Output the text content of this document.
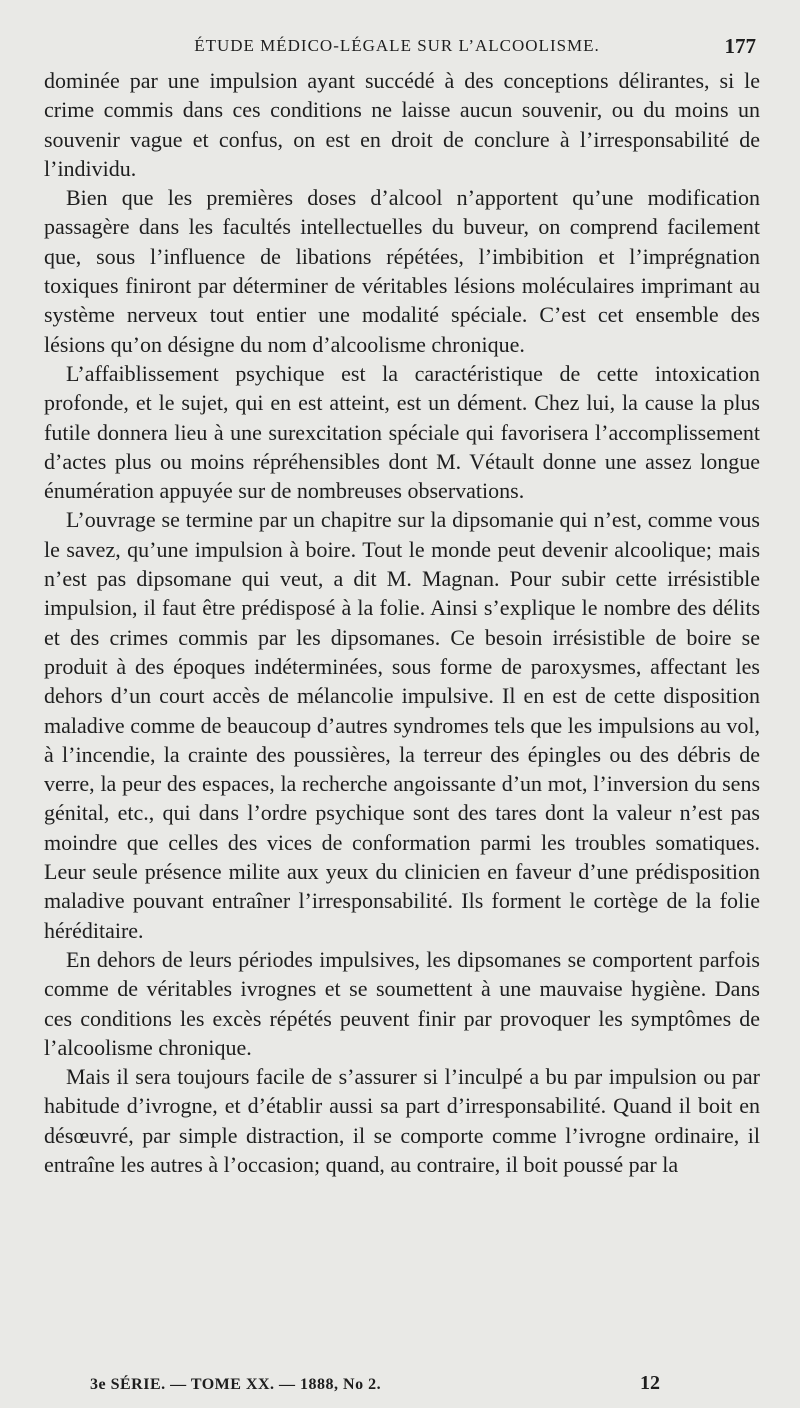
ÉTUDE MÉDICO-LÉGALE SUR L’ALCOOLISME.	177

dominée par une impulsion ayant succédé à des conceptions délirantes, si le crime commis dans ces conditions ne laisse aucun souvenir, ou du moins un souvenir vague et confus, on est en droit de conclure à l’irresponsabilité de l’individu.

Bien que les premières doses d’alcool n’apportent qu’une modification passagère dans les facultés intellectuelles du buveur, on comprend facilement que, sous l’influence de libations répétées, l’imbibition et l’imprégnation toxiques finiront par déterminer de véritables lésions moléculaires imprimant au système nerveux tout entier une modalité spéciale. C’est cet ensemble des lésions qu’on désigne du nom d’alcoolisme chronique.

L’affaiblissement psychique est la caractéristique de cette intoxication profonde, et le sujet, qui en est atteint, est un dément. Chez lui, la cause la plus futile donnera lieu à une surexcitation spéciale qui favorisera l’accomplissement d’actes plus ou moins répréhensibles dont M. Vétault donne une assez longue énumération appuyée sur de nombreuses observations.

L’ouvrage se termine par un chapitre sur la dipsomanie qui n’est, comme vous le savez, qu’une impulsion à boire. Tout le monde peut devenir alcoolique; mais n’est pas dipsomane qui veut, a dit M. Magnan. Pour subir cette irrésistible impulsion, il faut être prédisposé à la folie. Ainsi s’explique le nombre des délits et des crimes commis par les dipsomanes. Ce besoin irrésistible de boire se produit à des époques indéterminées, sous forme de paroxysmes, affectant les dehors d’un court accès de mélancolie impulsive. Il en est de cette disposition maladive comme de beaucoup d’autres syndromes tels que les impulsions au vol, à l’incendie, la crainte des poussières, la terreur des épingles ou des débris de verre, la peur des espaces, la recherche angoissante d’un mot, l’inversion du sens génital, etc., qui dans l’ordre psychique sont des tares dont la valeur n’est pas moindre que celles des vices de conformation parmi les troubles somatiques. Leur seule présence milite aux yeux du clinicien en faveur d’une prédisposition maladive pouvant entraîner l’irresponsabilité. Ils forment le cortège de la folie héréditaire.

En dehors de leurs périodes impulsives, les dipsomanes se comportent parfois comme de véritables ivrognes et se soumettent à une mauvaise hygiène. Dans ces conditions les excès répétés peuvent finir par provoquer les symptômes de l’alcoolisme chronique.

Mais il sera toujours facile de s’assurer si l’inculpé a bu par impulsion ou par habitude d’ivrogne, et d’établir aussi sa part d’irresponsabilité. Quand il boit en désœuvré, par simple distraction, il se comporte comme l’ivrogne ordinaire, il entraîne les autres à l’occasion; quand, au contraire, il boit poussé par la

3e SÉRIE. — TOME XX. — 1888, No 2.	12
